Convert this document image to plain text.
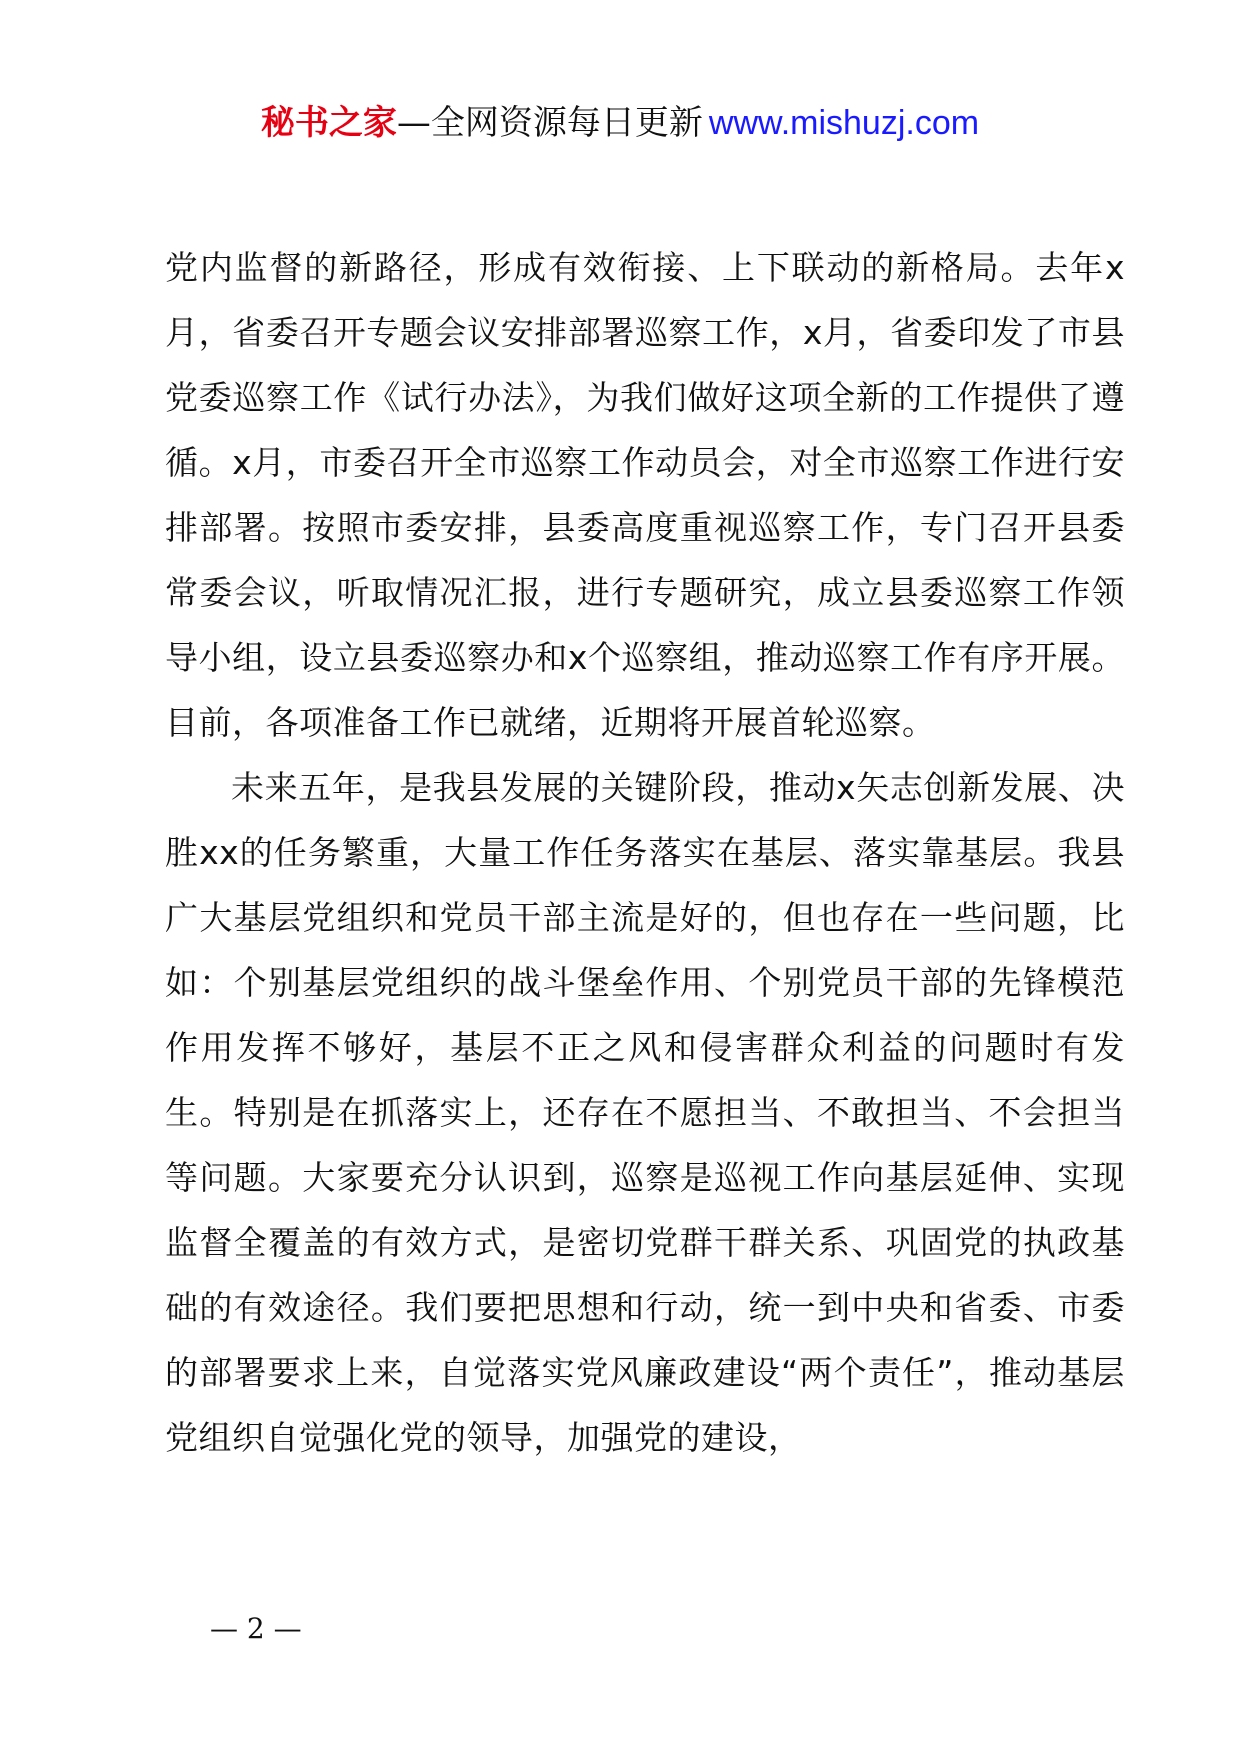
秘书之家—全网资源每日更新 www.mishuzj.com

党内监督的新路径，形成有效衔接、上下联动的新格局。去年x月，省委召开专题会议安排部署巡察工作，x月，省委印发了市县党委巡察工作《试行办法》，为我们做好这项全新的工作提供了遵循。x月，市委召开全市巡察工作动员会，对全市巡察工作进行安排部署。按照市委安排，县委高度重视巡察工作，专门召开县委常委会议，听取情况汇报，进行专题研究，成立县委巡察工作领导小组，设立县委巡察办和x个巡察组，推动巡察工作有序开展。目前，各项准备工作已就绪，近期将开展首轮巡察。

未来五年，是我县发展的关键阶段，推动x矢志创新发展、决胜xx的任务繁重，大量工作任务落实在基层、落实靠基层。我县广大基层党组织和党员干部主流是好的，但也存在一些问题，比如：个别基层党组织的战斗堡垒作用、个别党员干部的先锋模范作用发挥不够好，基层不正之风和侵害群众利益的问题时有发生。特别是在抓落实上，还存在不愿担当、不敢担当、不会担当等问题。大家要充分认识到，巡察是巡视工作向基层延伸、实现监督全覆盖的有效方式，是密切党群干群关系、巩固党的执政基础的有效途径。我们要把思想和行动，统一到中央和省委、市委的部署要求上来，自觉落实党风廉政建设“两个责任”，推动基层党组织自觉强化党的领导，加强党的建设，

— 2 —
